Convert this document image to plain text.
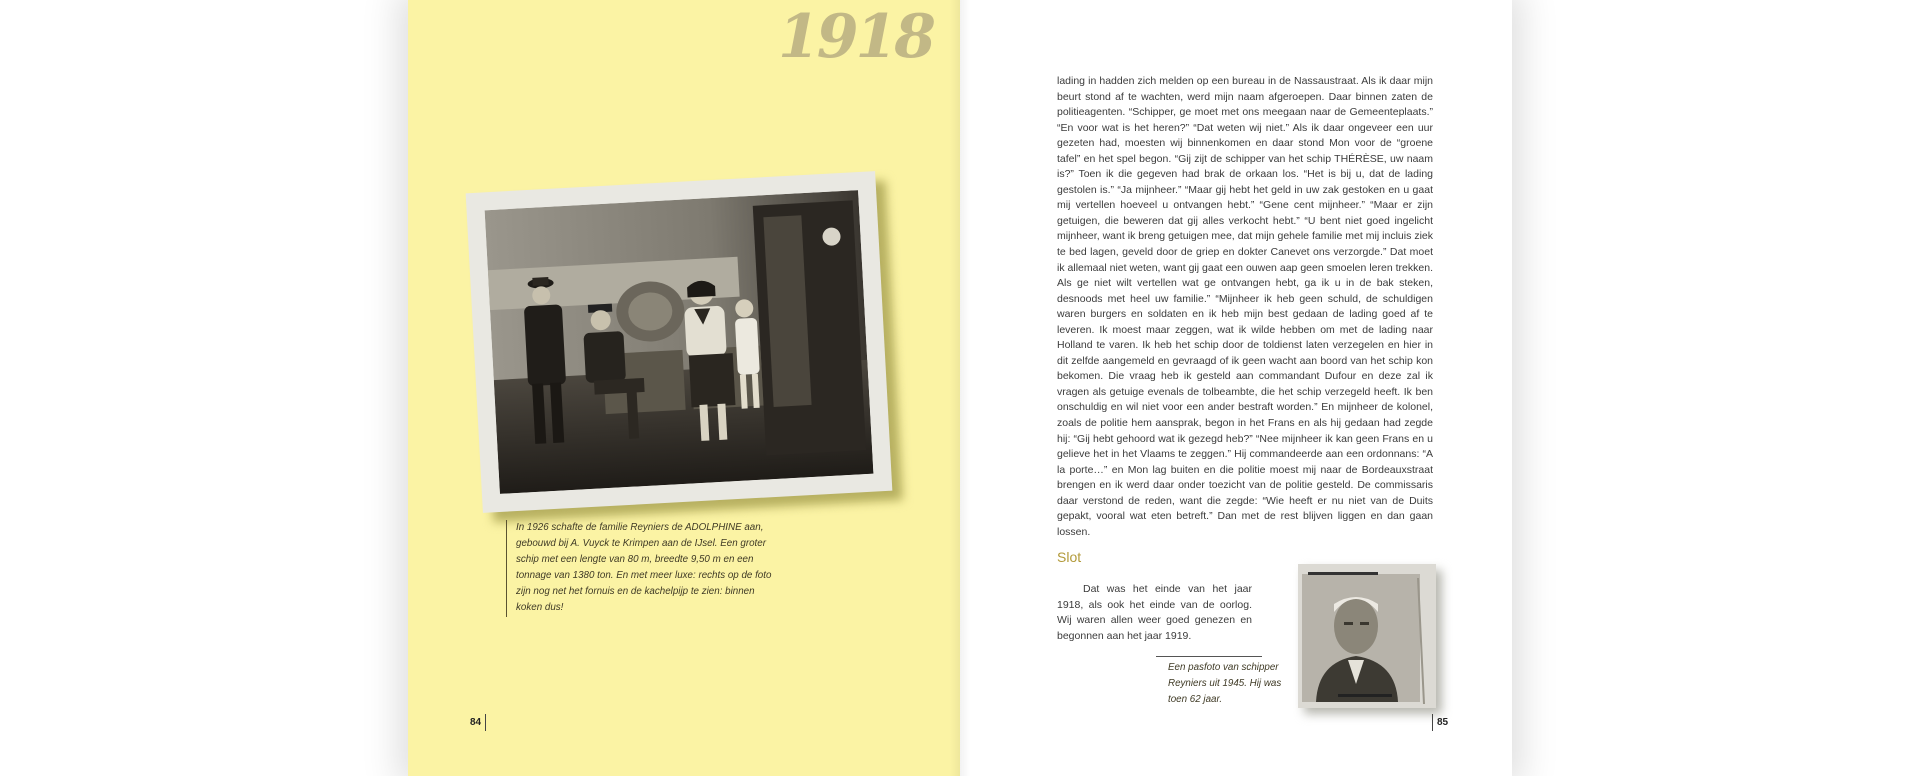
1918
In 1926 schafte de familie Reyniers de ADOLPHINE aan, gebouwd bij A. Vuyck te Krimpen aan de IJsel. Een groter schip met een lengte van 80 m, breedte 9,50 m en een tonnage van 1380 ton. En met meer luxe: rechts op de foto zijn nog net het fornuis en de kachelpijp te zien: binnen koken dus!
84
lading in hadden zich melden op een bureau in de Nassaustraat. Als ik daar mijn beurt stond af te wachten, werd mijn naam afgeroepen. Daar binnen zaten de politieagenten. “Schipper, ge moet met ons meegaan naar de Gemeenteplaats.” “En voor wat is het heren?” “Dat weten wij niet.” Als ik daar ongeveer een uur gezeten had, moesten wij binnenkomen en daar stond Mon voor de “groene tafel” en het spel begon. “Gij zijt de schipper van het schip THÉRÈSE, uw naam is?” Toen ik die gegeven had brak de orkaan los. “Het is bij u, dat de lading gestolen is.” “Ja mijnheer.” “Maar gij hebt het geld in uw zak gestoken en u gaat mij vertellen hoeveel u ontvangen hebt.” “Gene cent mijnheer.” “Maar er zijn getuigen, die beweren dat gij alles verkocht hebt.” “U bent niet goed ingelicht mijnheer, want ik breng getuigen mee, dat mijn gehele familie met mij incluis ziek te bed lagen, geveld door de griep en dokter Canevet ons verzorgde.” Dat moet ik allemaal niet weten, want gij gaat een ouwen aap geen smoelen leren trekken. Als ge niet wilt vertellen wat ge ontvangen hebt, ga ik u in de bak steken, desnoods met heel uw familie.” “Mijnheer ik heb geen schuld, de schuldigen waren burgers en soldaten en ik heb mijn best gedaan de lading goed af te leveren. Ik moest maar zeggen, wat ik wilde hebben om met de lading naar Holland te varen. Ik heb het schip door de toldienst laten verzegelen en hier in dit zelfde aangemeld en gevraagd of ik geen wacht aan boord van het schip kon bekomen. Die vraag heb ik gesteld aan commandant Dufour en deze zal ik vragen als getuige evenals de tolbeambte, die het schip verzegeld heeft. Ik ben onschuldig en wil niet voor een ander bestraft worden.” En mijnheer de kolonel, zoals de politie hem aansprak, begon in het Frans en als hij gedaan had zegde hij: “Gij hebt gehoord wat ik gezegd heb?” “Nee mijnheer ik kan geen Frans en u gelieve het in het Vlaams te zeggen.” Hij commandeerde aan een ordonnans: “A la porte…” en Mon lag buiten en die politie moest mij naar de Bordeauxstraat brengen en ik werd daar onder toezicht van de politie gesteld. De commissaris daar verstond de reden, want die zegde: “Wie heeft er nu niet van de Duits gepakt, vooral wat eten betreft.” Dan met de rest blijven liggen en dan gaan lossen.
Slot
Dat was het einde van het jaar 1918, als ook het einde van de oorlog. Wij waren allen weer goed genezen en begonnen aan het jaar 1919.
Een pasfoto van schipper Reyniers uit 1945. Hij was toen 62 jaar.
85
